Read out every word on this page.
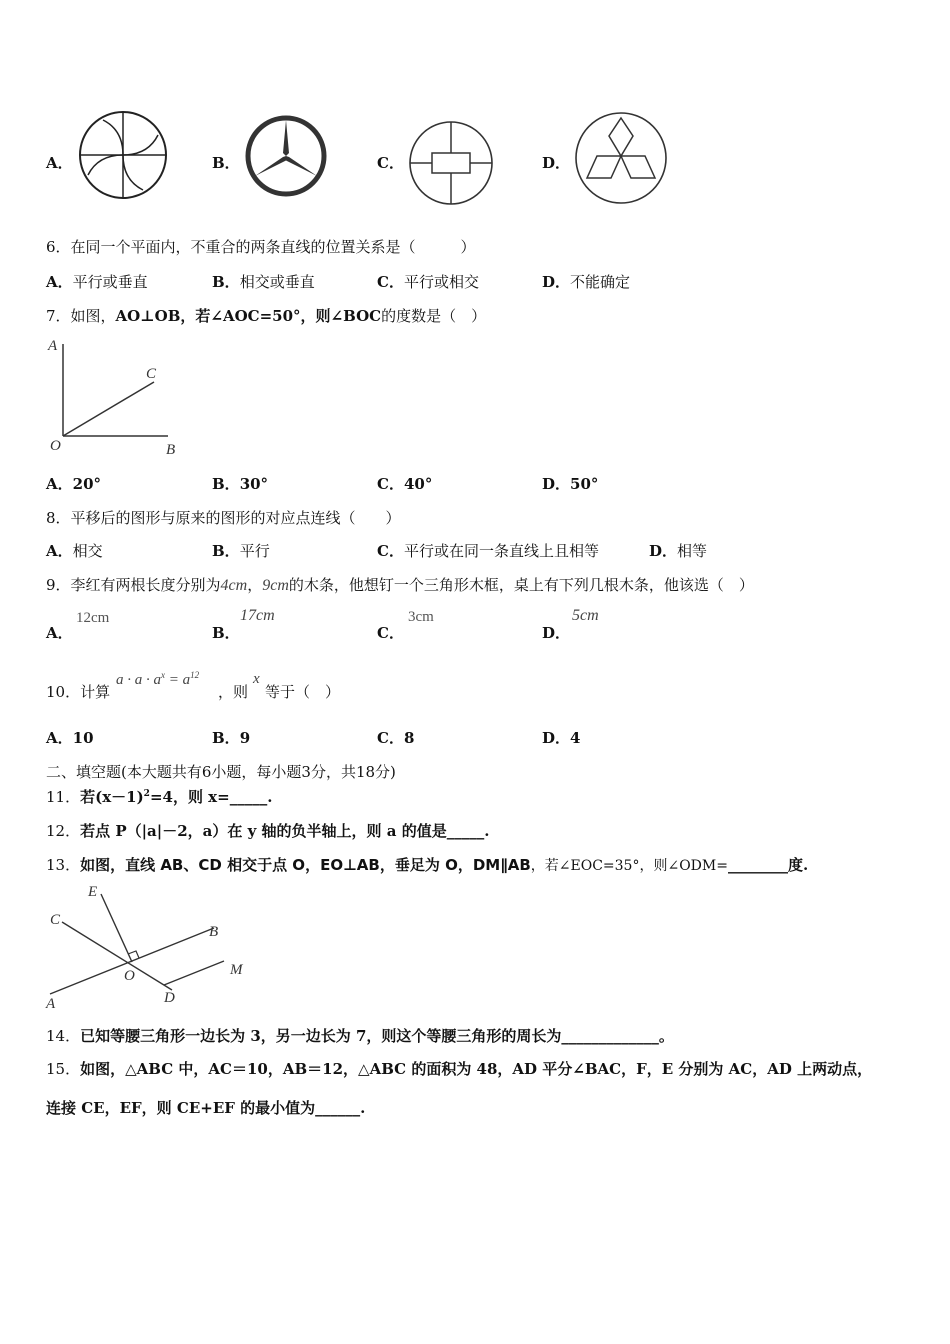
A．	B．	C．	D．
6．在同一个平面内，不重合的两条直线的位置关系是（　　　）
A．平行或垂直	B．相交或垂直	C．平行或相交	D．不能确定
7．如图，AO⊥OB，若∠AOC=50°，则∠BOC的度数是（　）
A
C
O	B
A．20°	B．30°	C．40°	D．50°
8．平移后的图形与原来的图形的对应点连线（　　）
A．相交	B．平行	C．平行或在同一条直线上且相等	D．相等
9．李红有两根长度分别为4cm，9cm的木条，他想钉一个三角形木框，桌上有下列几根木条，他该选（　）
A．
12cm
B．
17cm
C．
3cm
D．
5cm
10．计算
$a \cdot a \cdot a^x = a^{12}$
，则
x
等于（　）
A．10	B．9	C．8	D．4
二、填空题(本大题共有6小题，每小题3分，共18分)
11．若$(x-1)^2=4$，则 x=_____.
12．若点 P（|a|－2，a）在 y 轴的负半轴上，则 a 的值是_____.
13．如图，直线 AB、CD 相交于点 O，EO⊥AB，垂足为 O，DM∥AB，若∠EOC=35°，则∠ODM=________度.
E
C
B
O	M
A	D
14．已知等腰三角形一边长为 3，另一边长为 7，则这个等腰三角形的周长为_____________。
15．如图，△ABC 中，AC＝10，AB＝12，△ABC 的面积为 48，AD 平分∠BAC，F，E 分别为 AC，AD 上两动点，
连接 CE，EF，则 CE+EF 的最小值为______.
